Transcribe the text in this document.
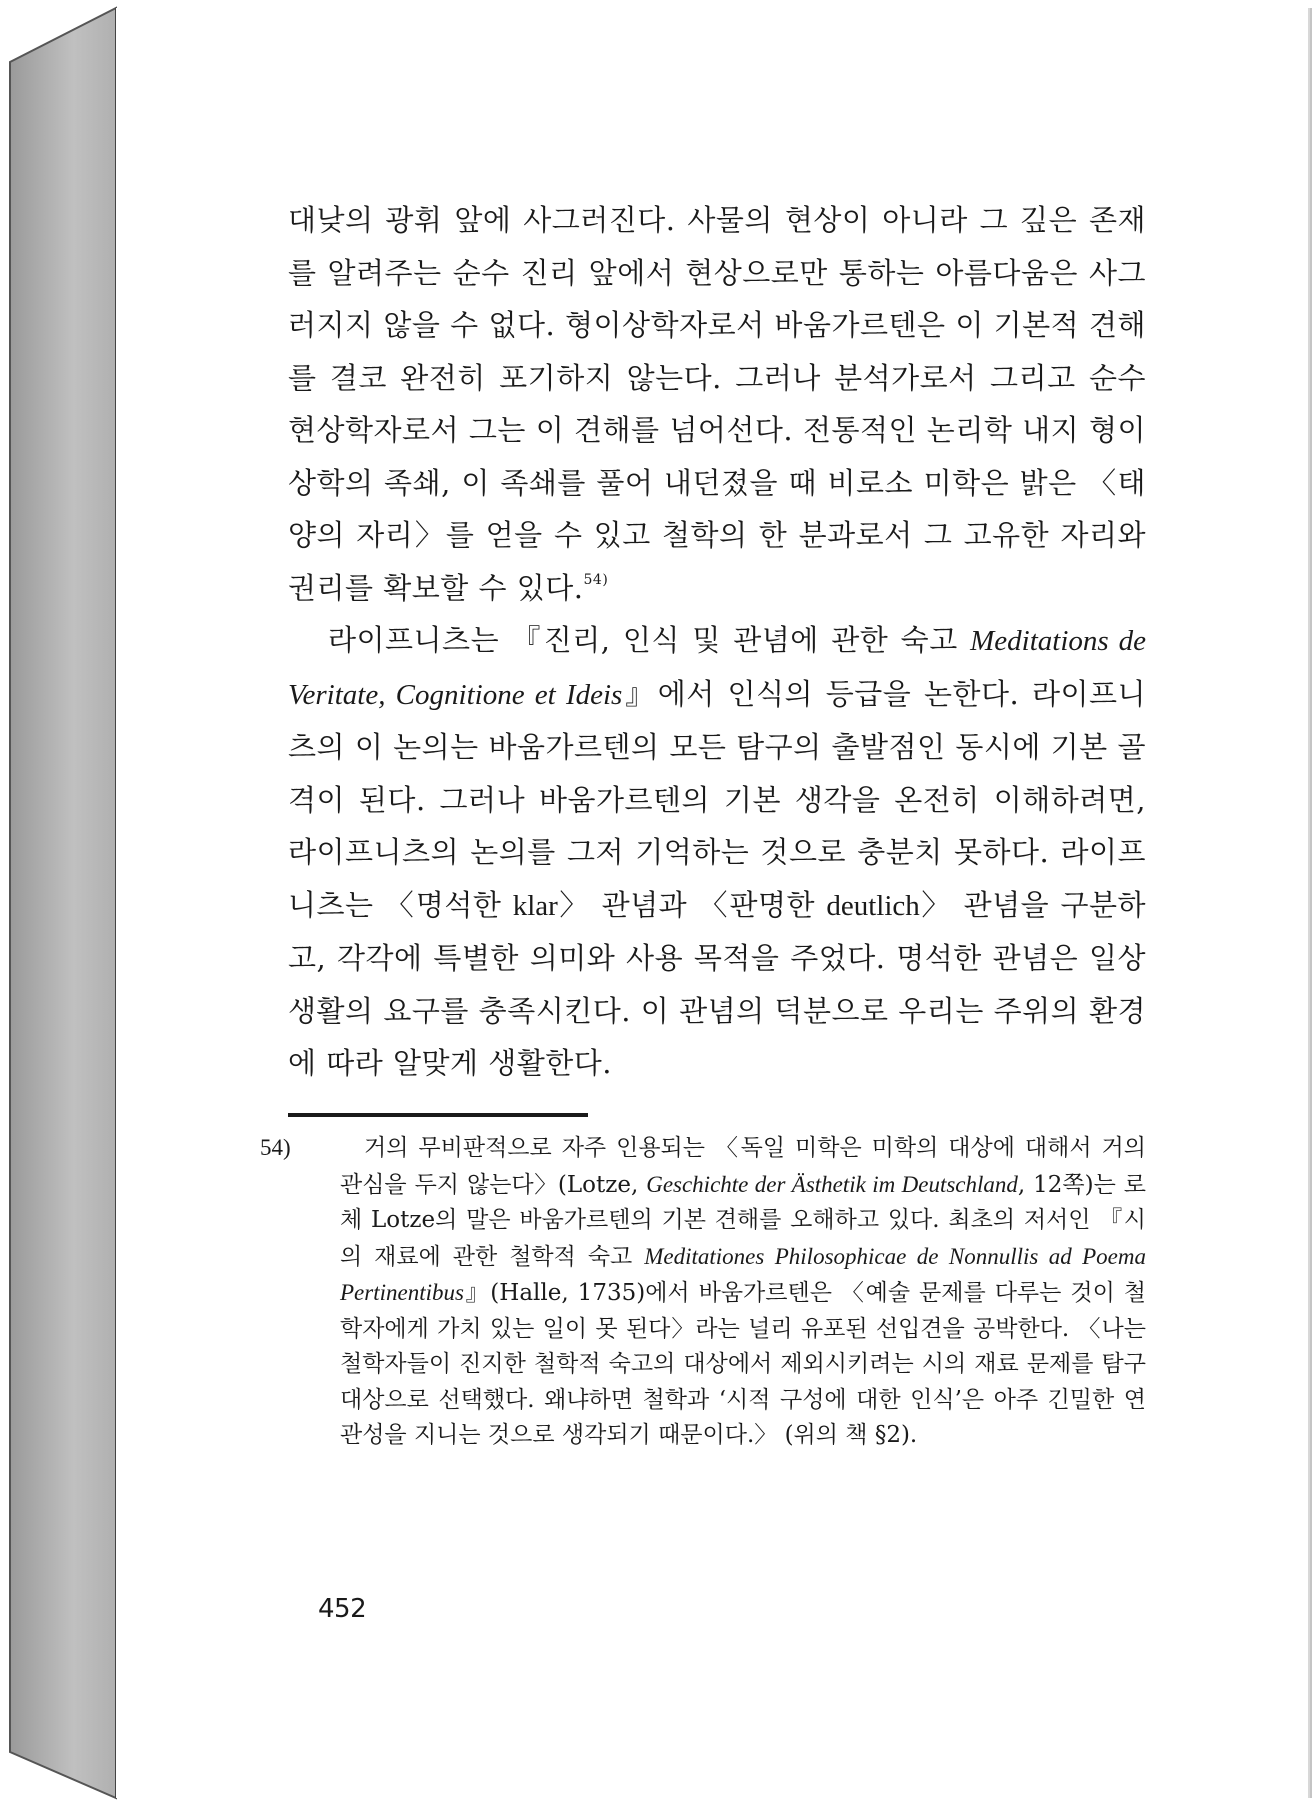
대낮의 광휘 앞에 사그러진다. 사물의 현상이 아니라 그 깊은 존재를 알려주는 순수 진리 앞에서 현상으로만 통하는 아름다움은 사그러지지 않을 수 없다. 형이상학자로서 바움가르텐은 이 기본적 견해를 결코 완전히 포기하지 않는다. 그러나 분석가로서 그리고 순수 현상학자로서 그는 이 견해를 넘어선다. 전통적인 논리학 내지 형이상학의 족쇄, 이 족쇄를 풀어 내던졌을 때 비로소 미학은 밝은 〈태양의 자리〉를 얻을 수 있고 철학의 한 분과로서 그 고유한 자리와 권리를 확보할 수 있다.$^{54)}$

라이프니츠는 『진리, 인식 및 관념에 관한 숙고 Meditations de Veritate, Cognitione et Ideis』에서 인식의 등급을 논한다. 라이프니츠의 이 논의는 바움가르텐의 모든 탐구의 출발점인 동시에 기본 골격이 된다. 그러나 바움가르텐의 기본 생각을 온전히 이해하려면, 라이프니츠의 논의를 그저 기억하는 것으로 충분치 못하다. 라이프니츠는 〈명석한 klar〉 관념과 〈판명한 deutlich〉 관념을 구분하고, 각각에 특별한 의미와 사용 목적을 주었다. 명석한 관념은 일상생활의 요구를 충족시킨다. 이 관념의 덕분으로 우리는 주위의 환경에 따라 알맞게 생활한다.

54)	거의 무비판적으로 자주 인용되는 〈독일 미학은 미학의 대상에 대해서 거의 관심을 두지 않는다〉(Lotze, Geschichte der Ästhetik im Deutschland, 12쪽)는 로체 Lotze의 말은 바움가르텐의 기본 견해를 오해하고 있다. 최초의 저서인 『시의 재료에 관한 철학적 숙고 Meditationes Philosophicae de Nonnullis ad Poema Pertinentibus』(Halle, 1735)에서 바움가르텐은 〈예술 문제를 다루는 것이 철학자에게 가치 있는 일이 못 된다〉라는 널리 유포된 선입견을 공박한다. 〈나는 철학자들이 진지한 철학적 숙고의 대상에서 제외시키려는 시의 재료 문제를 탐구 대상으로 선택했다. 왜냐하면 철학과 ‘시적 구성에 대한 인식’은 아주 긴밀한 연관성을 지니는 것으로 생각되기 때문이다.〉 (위의 책 §2).
452
